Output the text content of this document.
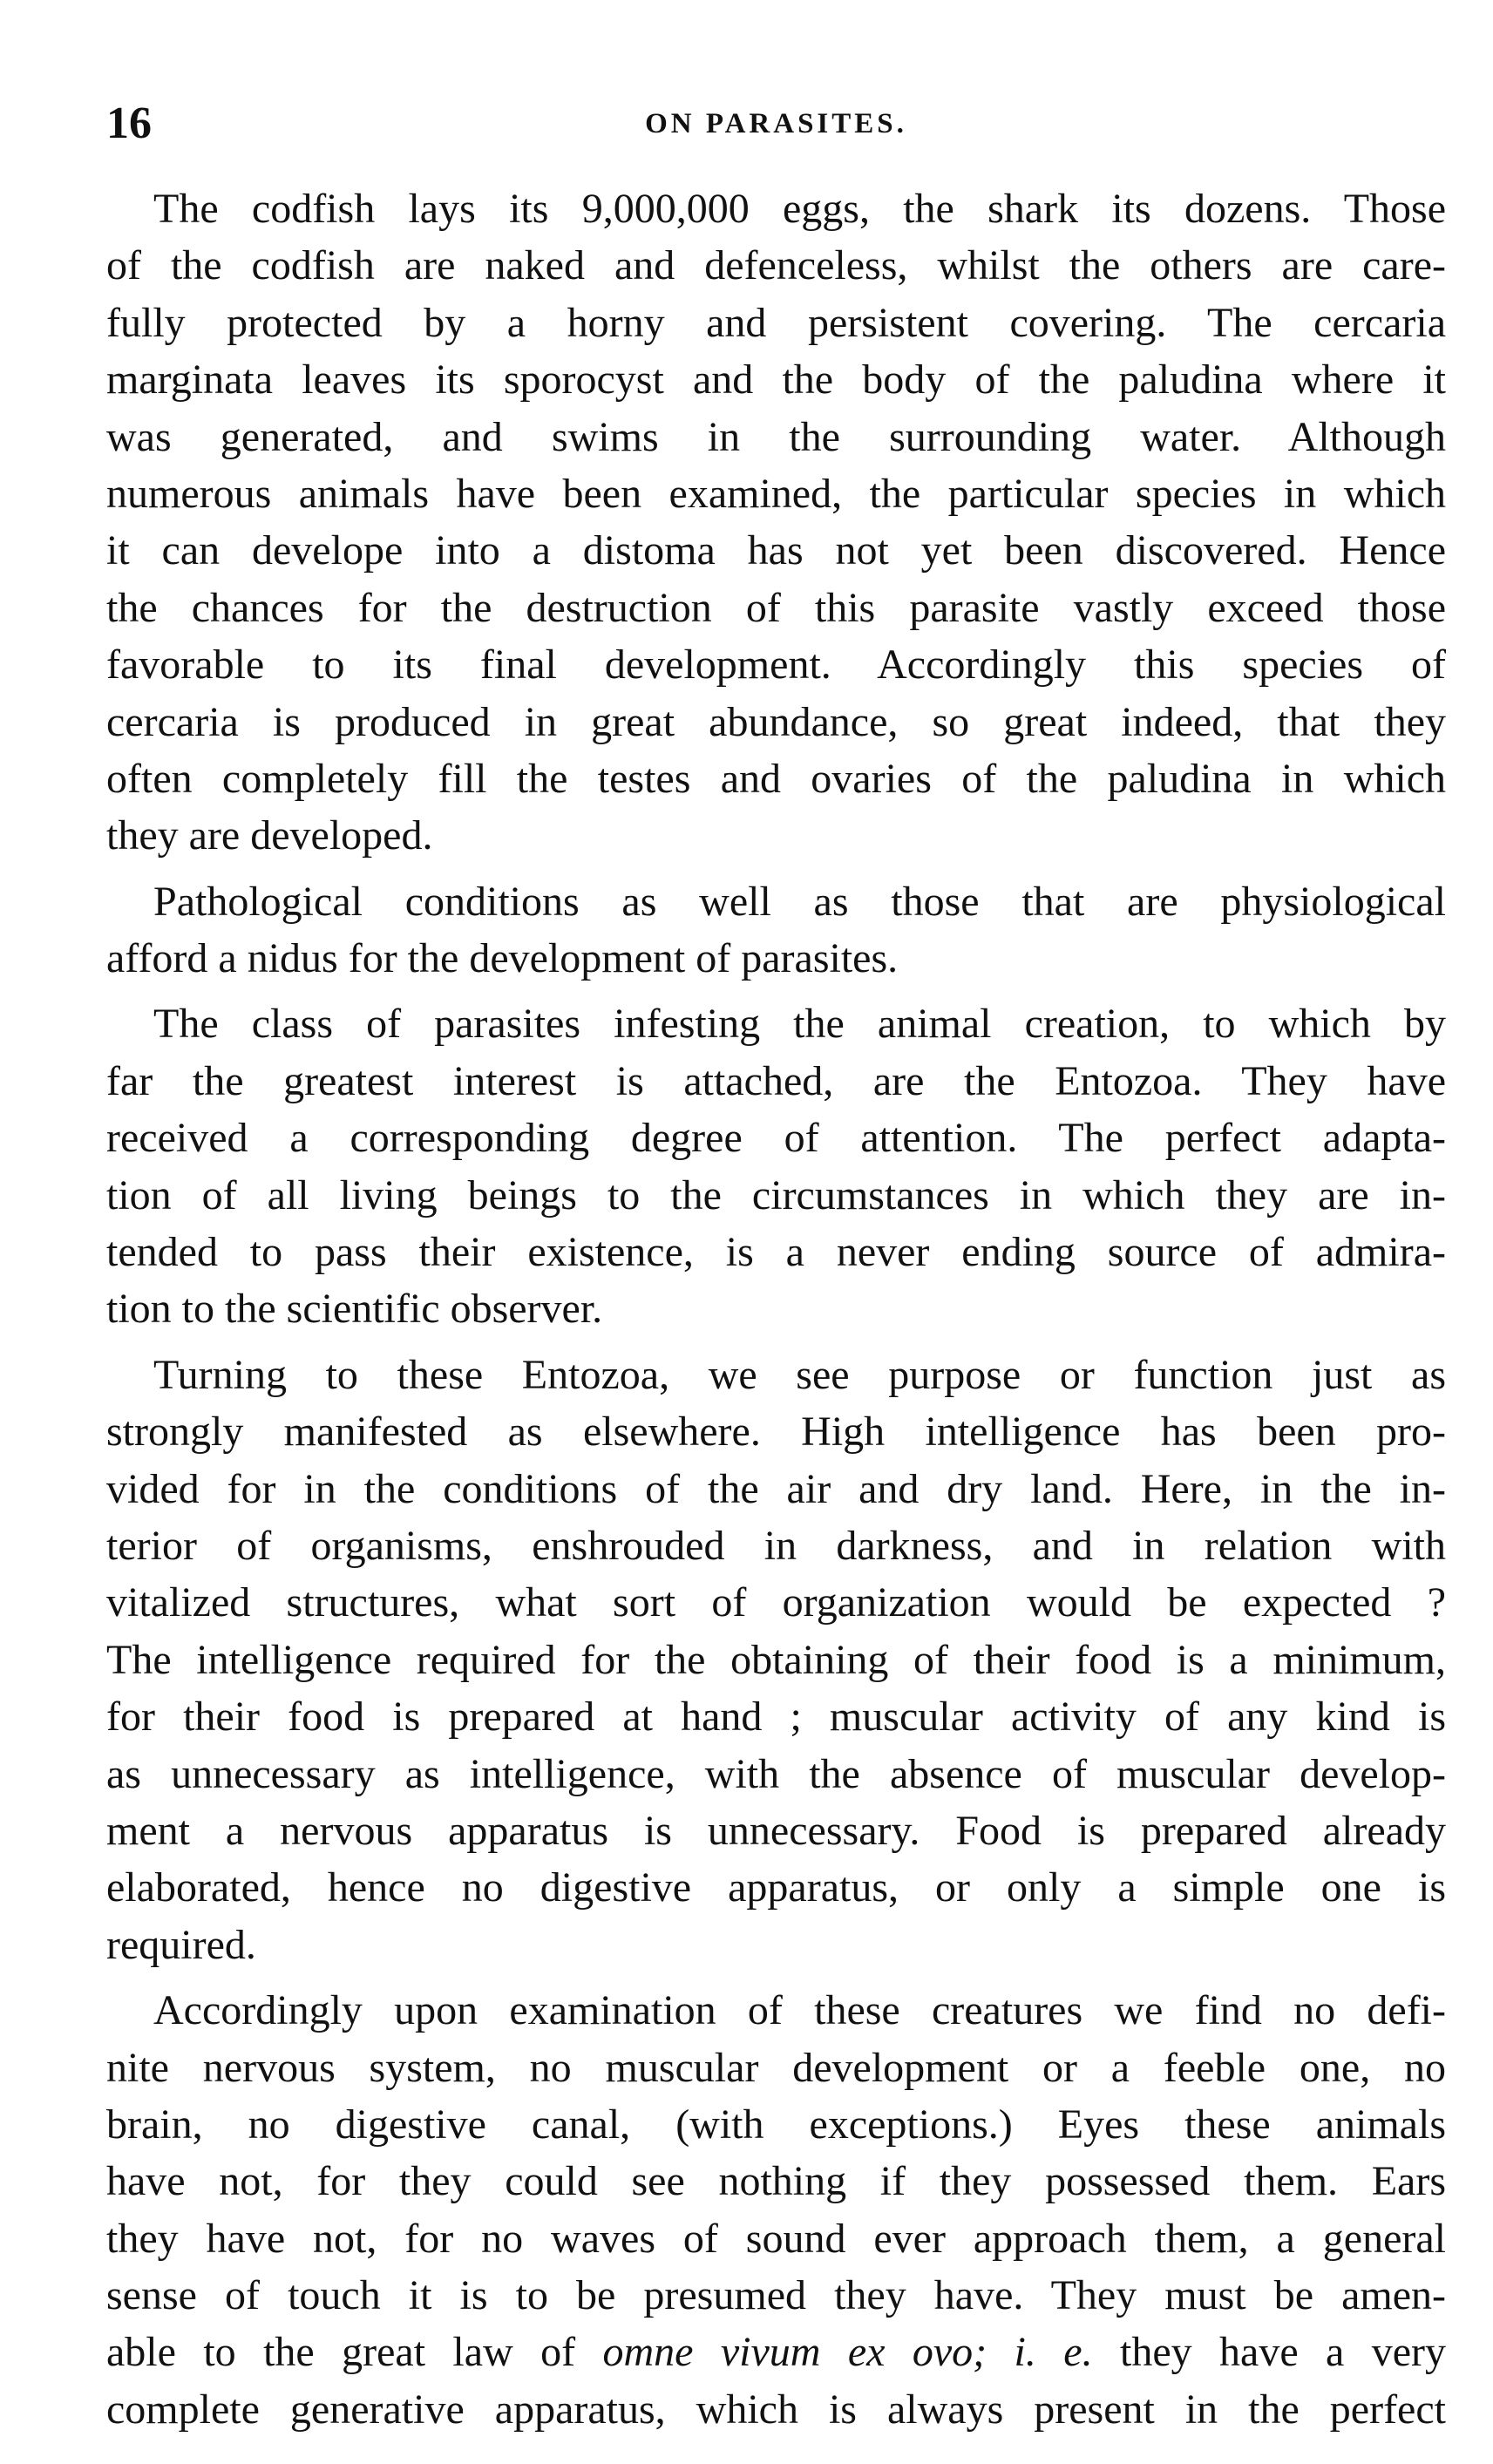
16	ON PARASITES.
The codfish lays its 9,000,000 eggs, the shark its dozens. Those
of the codfish are naked and defenceless, whilst the others are care-
fully protected by a horny and persistent covering. The cercaria
marginata leaves its sporocyst and the body of the paludina where it
was generated, and swims in the surrounding water. Although
numerous animals have been examined, the particular species in which
it can develope into a distoma has not yet been discovered. Hence
the chances for the destruction of this parasite vastly exceed those
favorable to its final development. Accordingly this species of
cercaria is produced in great abundance, so great indeed, that they
often completely fill the testes and ovaries of the paludina in which
they are developed.
Pathological conditions as well as those that are physiological
afford a nidus for the development of parasites.
The class of parasites infesting the animal creation, to which by
far the greatest interest is attached, are the Entozoa. They have
received a corresponding degree of attention. The perfect adapta-
tion of all living beings to the circumstances in which they are in-
tended to pass their existence, is a never ending source of admira-
tion to the scientific observer.
Turning to these Entozoa, we see purpose or function just as
strongly manifested as elsewhere. High intelligence has been pro-
vided for in the conditions of the air and dry land. Here, in the in-
terior of organisms, enshrouded in darkness, and in relation with
vitalized structures, what sort of organization would be expected ?
The intelligence required for the obtaining of their food is a minimum,
for their food is prepared at hand ; muscular activity of any kind is
as unnecessary as intelligence, with the absence of muscular develop-
ment a nervous apparatus is unnecessary. Food is prepared already
elaborated, hence no digestive apparatus, or only a simple one is
required.
Accordingly upon examination of these creatures we find no defi-
nite nervous system, no muscular development or a feeble one, no
brain, no digestive canal, (with exceptions.) Eyes these animals
have not, for they could see nothing if they possessed them. Ears
they have not, for no waves of sound ever approach them, a general
sense of touch it is to be presumed they have. They must be amen-
able to the great law of omne vivum ex ovo; i. e. they have a very
complete generative apparatus, which is always present in the perfect
